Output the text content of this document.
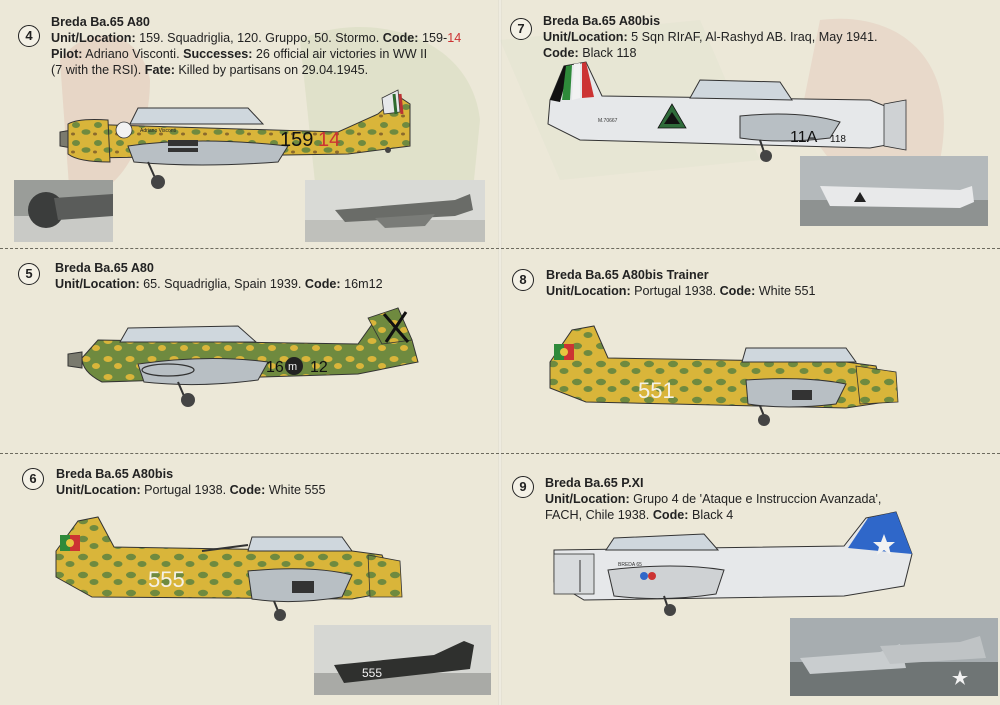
4
Breda Ba.65 A80
Unit/Location: 159. Squadriglia, 120. Gruppo, 50. Stormo. Code: 159-14
Pilot: Adriano Visconti. Successes: 26 official air victories in WW II
(7 with the RSI). Fate: Killed by partisans on 29.04.1945.
159 14
Adriano Visconti
7	Breda Ba.65 A80bis
Unit/Location: 5 Sqn RIrAF, Al-Rashyd AB. Iraq, May 1941.
Code: Black 118
11A 118
M.70667
5	Breda Ba.65 A80
Unit/Location: 65. Squadriglia, Spain 1939. Code: 16m12
m
16 12
8	Breda Ba.65 A80bis Trainer
Unit/Location: Portugal 1938. Code: White 551
551
6	Breda Ba.65 A80bis
Unit/Location: Portugal 1938. Code: White 555
555
555
9	Breda Ba.65 P.XI
Unit/Location: Grupo 4 de 'Ataque e Instruccion Avanzada',
FACH, Chile 1938. Code: Black 4
BREDA 65
